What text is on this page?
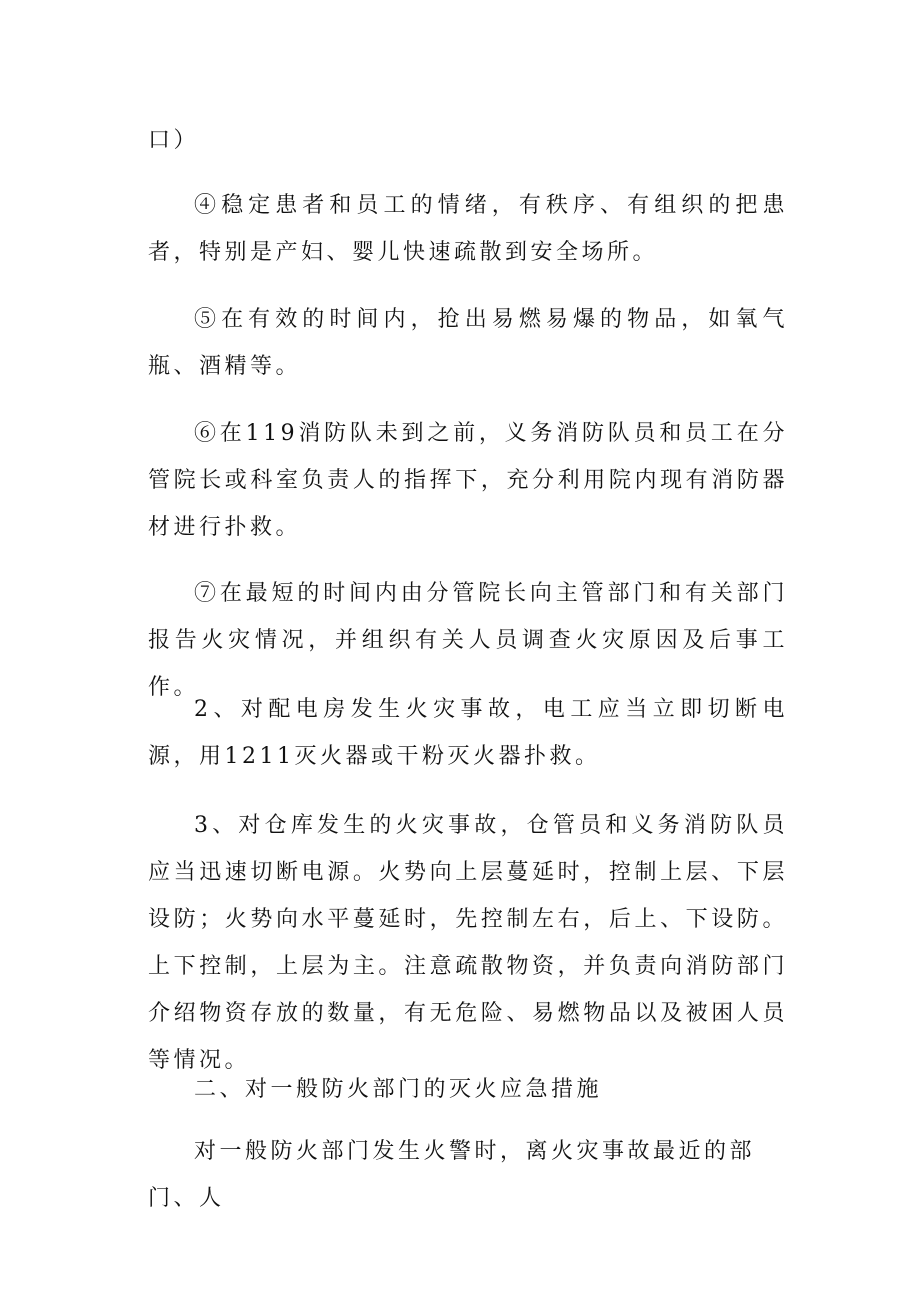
口）

④稳定患者和员工的情绪，有秩序、有组织的把患者，特别是产妇、婴儿快速疏散到安全场所。

⑤在有效的时间内，抢出易燃易爆的物品，如氧气瓶、酒精等。

⑥在119消防队未到之前，义务消防队员和员工在分管院长或科室负责人的指挥下，充分利用院内现有消防器材进行扑救。

⑦在最短的时间内由分管院长向主管部门和有关部门报告火灾情况，并组织有关人员调查火灾原因及后事工作。

2、对配电房发生火灾事故，电工应当立即切断电源，用1211灭火器或干粉灭火器扑救。

3、对仓库发生的火灾事故，仓管员和义务消防队员应当迅速切断电源。火势向上层蔓延时，控制上层、下层设防；火势向水平蔓延时，先控制左右，后上、下设防。上下控制，上层为主。注意疏散物资，并负责向消防部门介绍物资存放的数量，有无危险、易燃物品以及被困人员等情况。

二、对一般防火部门的灭火应急措施

对一般防火部门发生火警时，离火灾事故最近的部门、人
